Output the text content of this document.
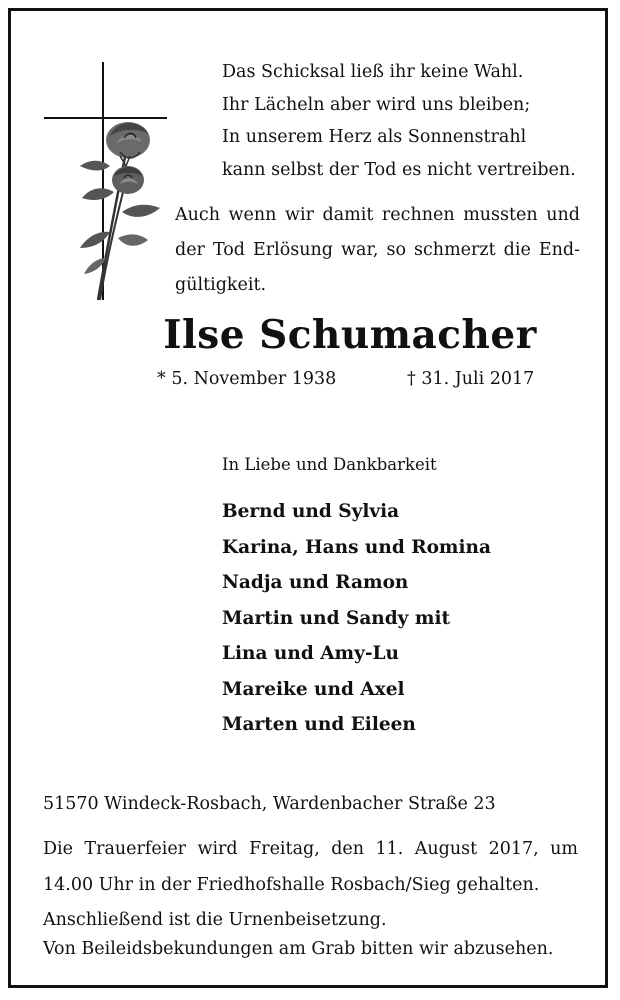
Das Schicksal ließ ihr keine Wahl.
Ihr Lächeln aber wird uns bleiben;
In unserem Herz als Sonnenstrahl
kann selbst der Tod es nicht vertreiben.
Auch wenn wir damit rechnen mussten und
der Tod Erlösung war, so schmerzt die End-
gültigkeit.
Ilse Schumacher
* 5. November 1938	† 31. Juli 2017
In Liebe und Dankbarkeit
Bernd und Sylvia
Karina, Hans und Romina
Nadja und Ramon
Martin und Sandy mit
Lina und Amy-Lu
Mareike und Axel
Marten und Eileen
51570 Windeck-Rosbach, Wardenbacher Straße 23
Die Trauerfeier wird Freitag, den 11. August 2017, um
14.00 Uhr in der Friedhofshalle Rosbach/Sieg gehalten.
Anschließend ist die Urnenbeisetzung.
Von Beileidsbekundungen am Grab bitten wir abzusehen.
